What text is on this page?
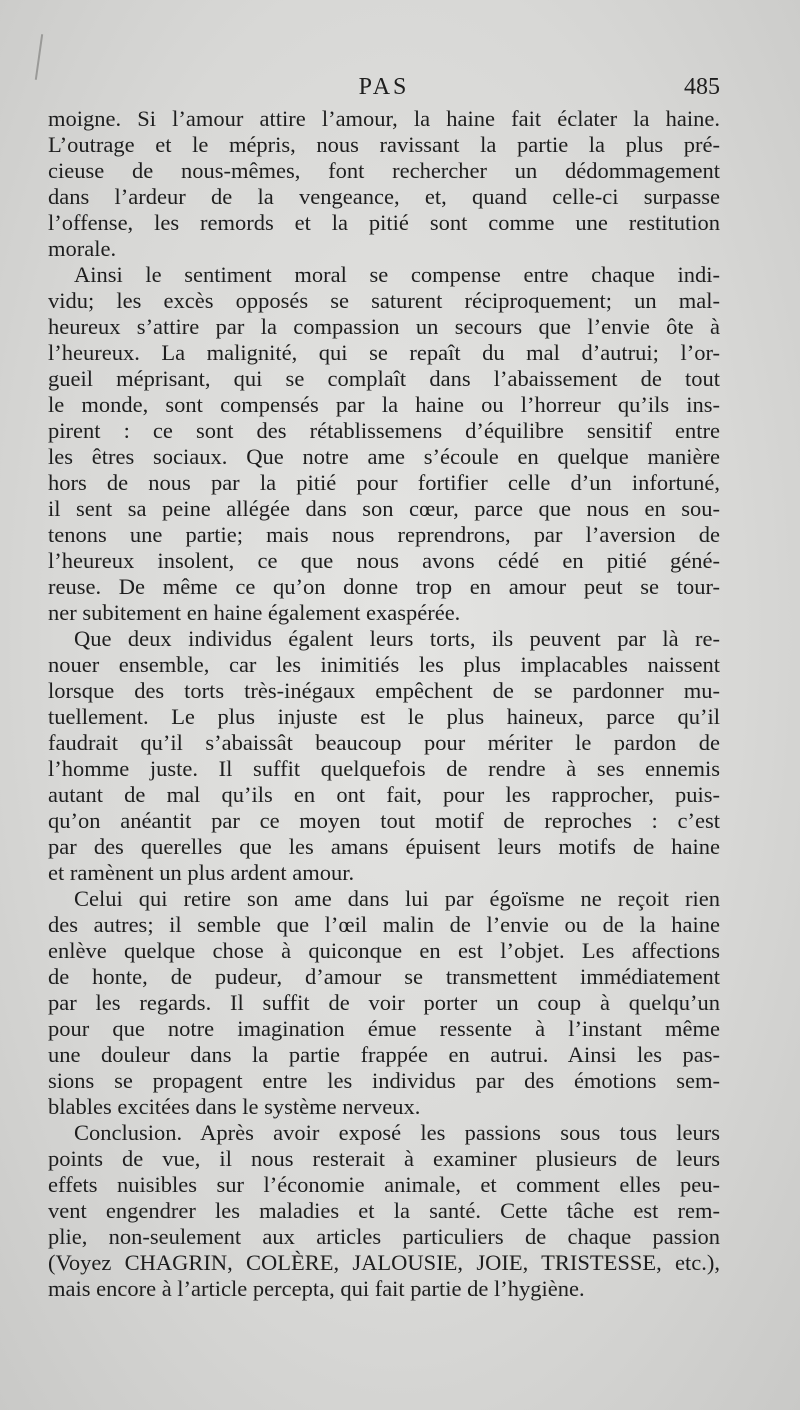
PAS	485
moigne. Si l’amour attire l’amour, la haine fait éclater la haine.
L’outrage et le mépris, nous ravissant la partie la plus pré-
cieuse de nous-mêmes, font rechercher un dédommagement
dans l’ardeur de la vengeance, et, quand celle-ci surpasse
l’offense, les remords et la pitié sont comme une restitution
morale.
Ainsi le sentiment moral se compense entre chaque indi-
vidu; les excès opposés se saturent réciproquement; un mal-
heureux s’attire par la compassion un secours que l’envie ôte à
l’heureux. La malignité, qui se repaît du mal d’autrui; l’or-
gueil méprisant, qui se complaît dans l’abaissement de tout
le monde, sont compensés par la haine ou l’horreur qu’ils ins-
pirent : ce sont des rétablissemens d’équilibre sensitif entre
les êtres sociaux. Que notre ame s’écoule en quelque manière
hors de nous par la pitié pour fortifier celle d’un infortuné,
il sent sa peine allégée dans son cœur, parce que nous en sou-
tenons une partie; mais nous reprendrons, par l’aversion de
l’heureux insolent, ce que nous avons cédé en pitié géné-
reuse. De même ce qu’on donne trop en amour peut se tour-
ner subitement en haine également exaspérée.
Que deux individus égalent leurs torts, ils peuvent par là re-
nouer ensemble, car les inimitiés les plus implacables naissent
lorsque des torts très-inégaux empêchent de se pardonner mu-
tuellement. Le plus injuste est le plus haineux, parce qu’il
faudrait qu’il s’abaissât beaucoup pour mériter le pardon de
l’homme juste. Il suffit quelquefois de rendre à ses ennemis
autant de mal qu’ils en ont fait, pour les rapprocher, puis-
qu’on anéantit par ce moyen tout motif de reproches : c’est
par des querelles que les amans épuisent leurs motifs de haine
et ramènent un plus ardent amour.
Celui qui retire son ame dans lui par égoïsme ne reçoit rien
des autres; il semble que l’œil malin de l’envie ou de la haine
enlève quelque chose à quiconque en est l’objet. Les affections
de honte, de pudeur, d’amour se transmettent immédiatement
par les regards. Il suffit de voir porter un coup à quelqu’un
pour que notre imagination émue ressente à l’instant même
une douleur dans la partie frappée en autrui. Ainsi les pas-
sions se propagent entre les individus par des émotions sem-
blables excitées dans le système nerveux.
Conclusion. Après avoir exposé les passions sous tous leurs
points de vue, il nous resterait à examiner plusieurs de leurs
effets nuisibles sur l’économie animale, et comment elles peu-
vent engendrer les maladies et la santé. Cette tâche est rem-
plie, non-seulement aux articles particuliers de chaque passion
(Voyez CHAGRIN, COLÈRE, JALOUSIE, JOIE, TRISTESSE, etc.),
mais encore à l’article percepta, qui fait partie de l’hygiène.
